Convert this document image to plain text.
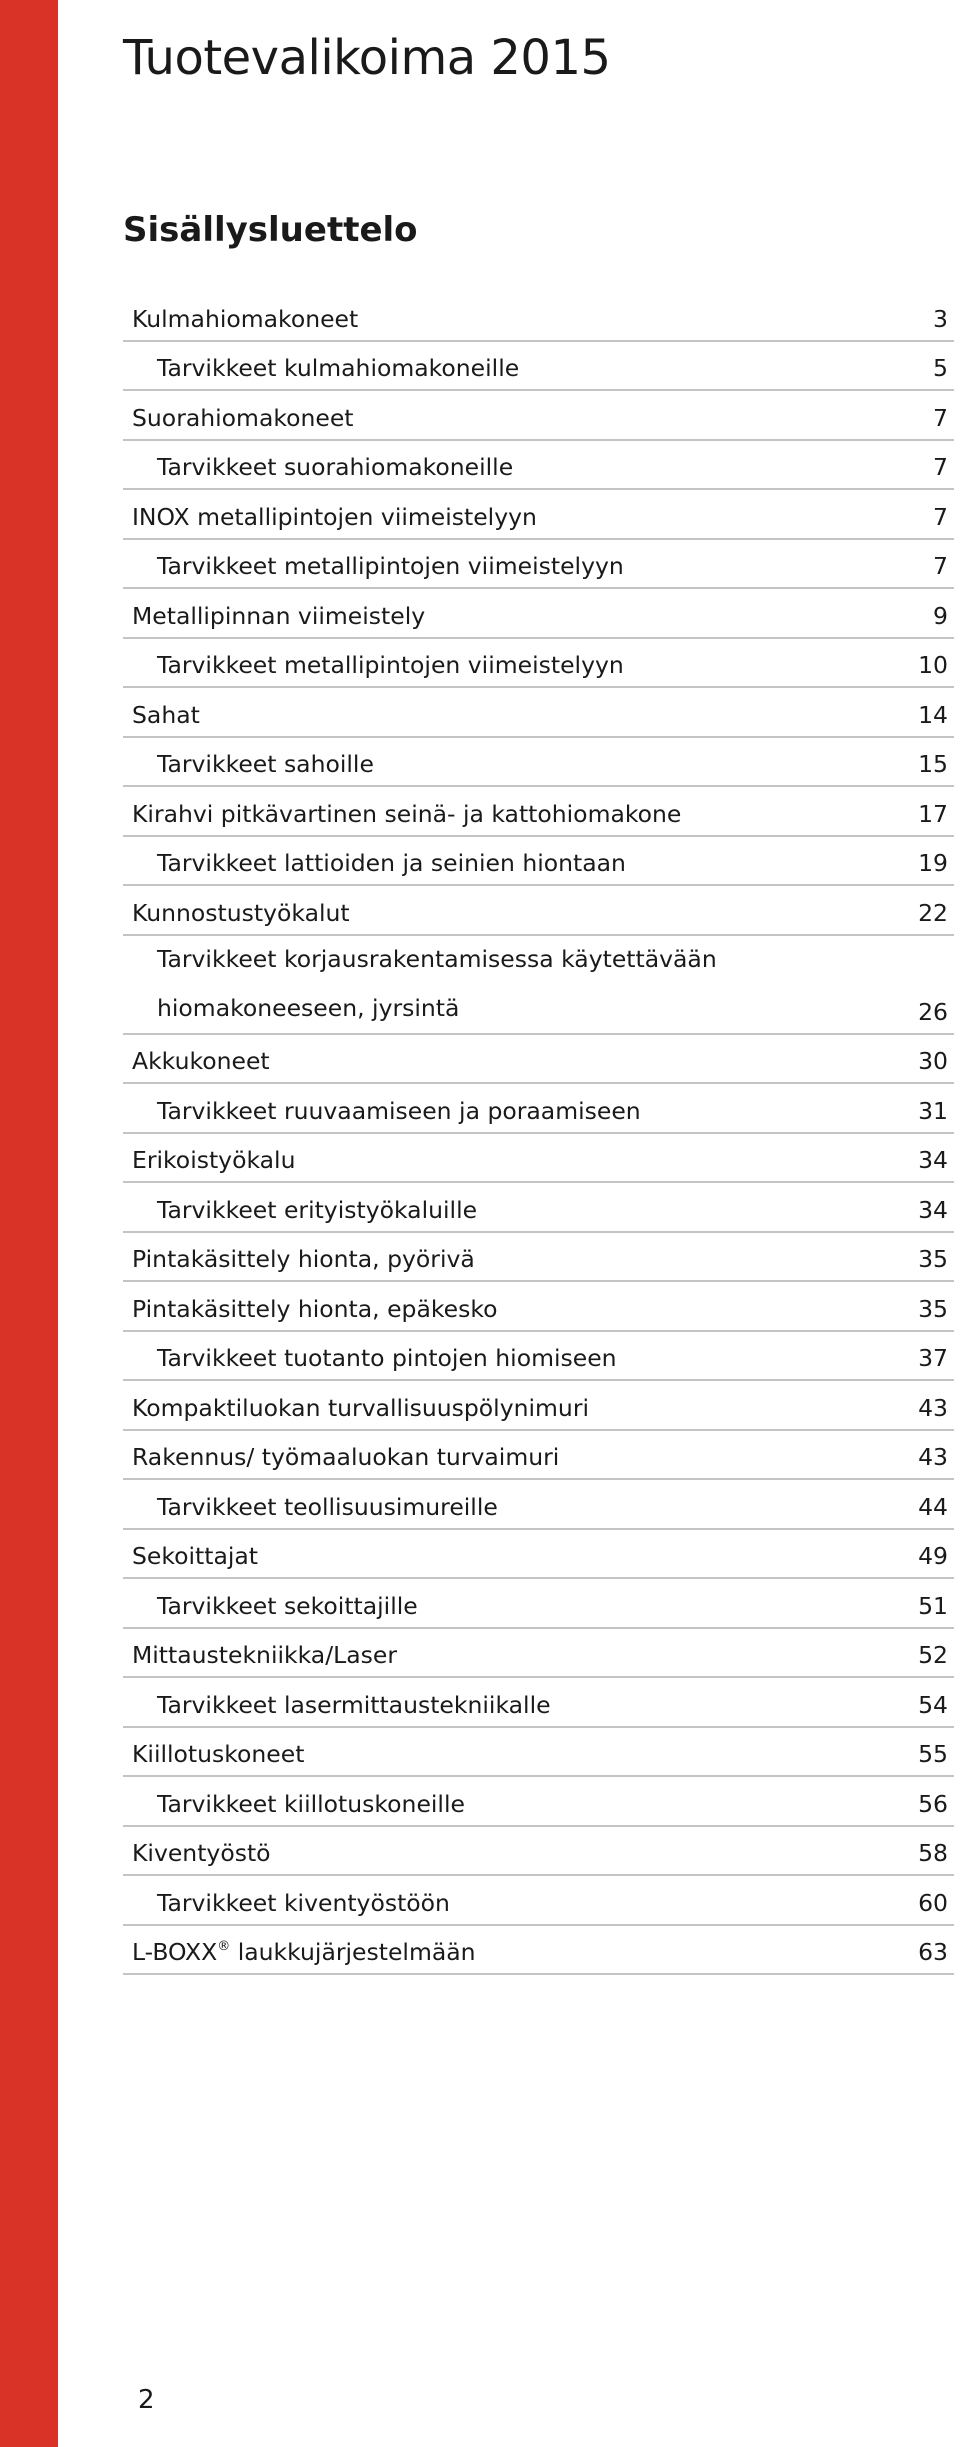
Tuotevalikoima 2015
Sisällysluettelo
Kulmahiomakoneet	3
Tarvikkeet kulmahiomakoneille	5
Suorahiomakoneet	7
Tarvikkeet suorahiomakoneille	7
INOX metallipintojen viimeistelyyn	7
Tarvikkeet metallipintojen viimeistelyyn	7
Metallipinnan viimeistely	9
Tarvikkeet metallipintojen viimeistelyyn	10
Sahat	14
Tarvikkeet sahoille	15
Kirahvi pitkävartinen seinä- ja kattohiomakone	17
Tarvikkeet lattioiden ja seinien hiontaan	19
Kunnostustyökalut	22
Tarvikkeet korjausrakentamisessa käytettävään hiomakoneeseen, jyrsintä	26
Akkukoneet	30
Tarvikkeet ruuvaamiseen ja poraamiseen	31
Erikoistyökalu	34
Tarvikkeet erityistyökaluille	34
Pintakäsittely hionta, pyörivä	35
Pintakäsittely hionta, epäkesko	35
Tarvikkeet tuotanto pintojen hiomiseen	37
Kompaktiluokan turvallisuuspölynimuri	43
Rakennus/ työmaaluokan turvaimuri	43
Tarvikkeet teollisuusimureille	44
Sekoittajat	49
Tarvikkeet sekoittajille	51
Mittaustekniikka/Laser	52
Tarvikkeet lasermittaustekniikalle	54
Kiillotuskoneet	55
Tarvikkeet kiillotuskoneille	56
Kiventyöstö	58
Tarvikkeet kiventyöstöön	60
L-BOXX® laukkujärjestelmään	63
2
